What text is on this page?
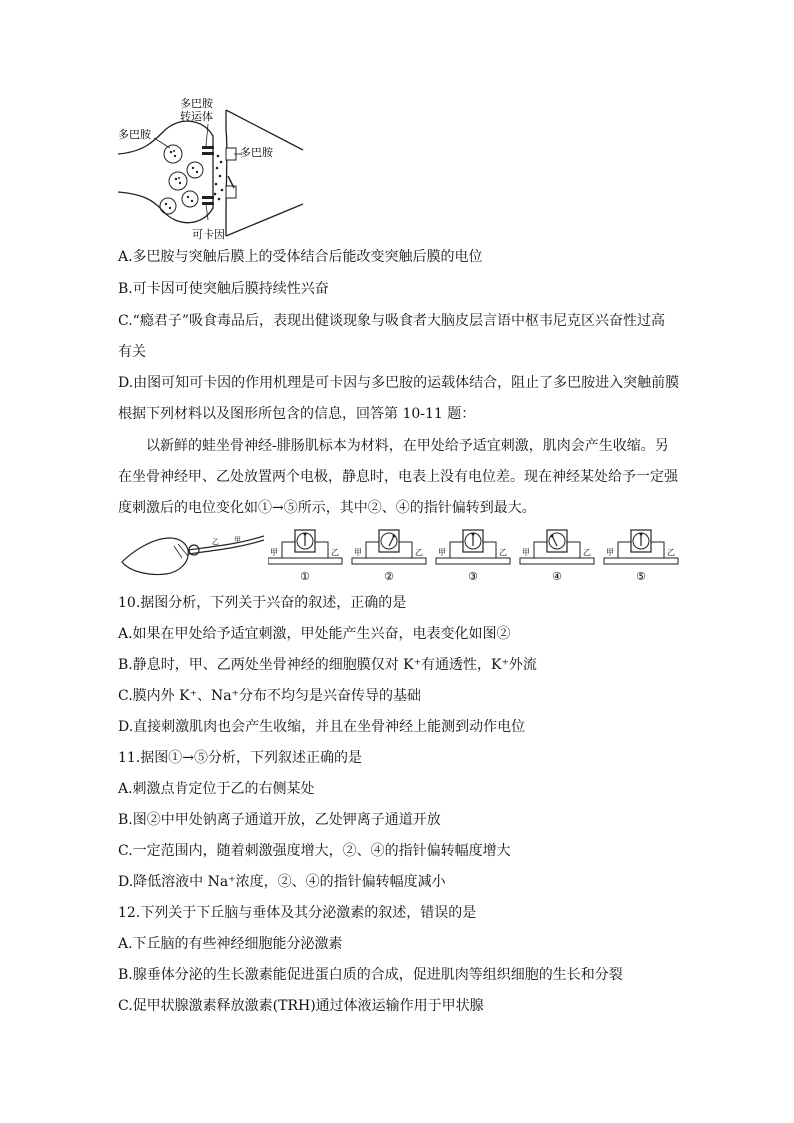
多巴胺
多巴胺
转运体
多巴胺
可卡因
A.多巴胺与突触后膜上的受体结合后能改变突触后膜的电位
B.可卡因可使突触后膜持续性兴奋
C.“瘾君子”吸食毒品后，表现出健谈现象与吸食者大脑皮层言语中枢韦尼克区兴奋性过高
有关
D.由图可知可卡因的作用机理是可卡因与多巴胺的运载体结合，阻止了多巴胺进入突触前膜
根据下列材料以及图形所包含的信息，回答第 10-11 题：
以新鲜的蛙坐骨神经-腓肠肌标本为材料，在甲处给予适宜刺激，肌肉会产生收缩。另
在坐骨神经甲、乙处放置两个电极，静息时，电表上没有电位差。现在神经某处给予一定强
度刺激后的电位变化如①→⑤所示，其中②、④的指针偏转到最大。
乙 甲
甲	乙
①
甲	乙
②
甲	乙
③
甲	乙
④
甲	乙
⑤
10.据图分析，下列关于兴奋的叙述，正确的是
A.如果在甲处给予适宜刺激，甲处能产生兴奋，电表变化如图②
B.静息时，甲、乙两处坐骨神经的细胞膜仅对 K⁺有通透性，K⁺外流
C.膜内外 K⁺、Na⁺分布不均匀是兴奋传导的基础
D.直接刺激肌肉也会产生收缩，并且在坐骨神经上能测到动作电位
11.据图①→⑤分析，下列叙述正确的是
A.刺激点肯定位于乙的右侧某处
B.图②中甲处钠离子通道开放，乙处钾离子通道开放
C.一定范围内，随着刺激强度增大，②、④的指针偏转幅度增大
D.降低溶液中 Na⁺浓度，②、④的指针偏转幅度减小
12.下列关于下丘脑与垂体及其分泌激素的叙述，错误的是
A.下丘脑的有些神经细胞能分泌激素
B.腺垂体分泌的生长激素能促进蛋白质的合成，促进肌肉等组织细胞的生长和分裂
C.促甲状腺激素释放激素(TRH)通过体液运输作用于甲状腺
